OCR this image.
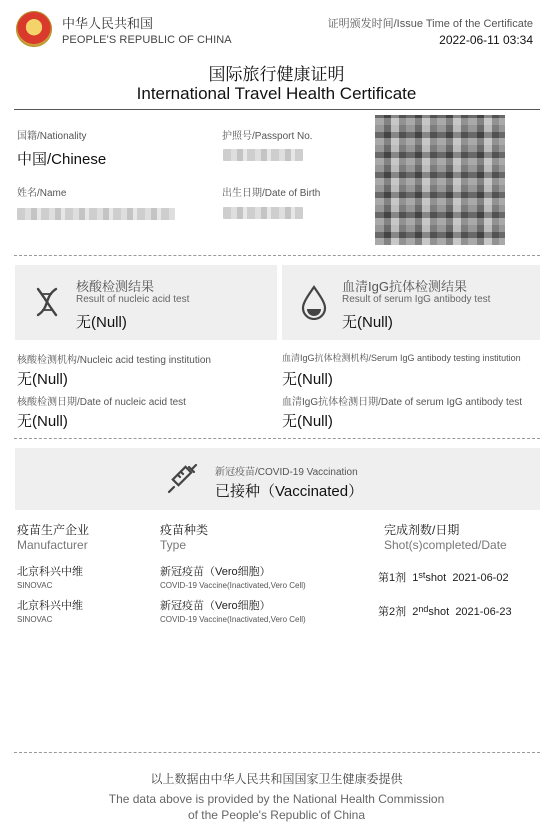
中华人民共和国
PEOPLE'S REPUBLIC OF CHINA
证明颁发时间/Issue Time of the Certificate
2022-06-11 03:34
国际旅行健康证明
International Travel Health Certificate
国籍/Nationality
中国/Chinese
护照号/Passport No.
姓名/Name	出生日期/Date of Birth
核酸检测结果
Result of nucleic acid test
无(Null)
血清IgG抗体检测结果
Result of serum IgG antibody test
无(Null)
核酸检测机构/Nucleic acid testing institution
无(Null)
核酸检测日期/Date of nucleic acid test
无(Null)
血清IgG抗体检测机构/Serum IgG antibody testing institution
无(Null)
血清IgG抗体检测日期/Date of serum IgG antibody test
无(Null)
新冠疫苗/COVID-19 Vaccination
已接种（Vaccinated）
疫苗生产企业
Manufacturer
疫苗种类
Type
完成剂数/日期
Shot(s)completed/Date
北京科兴中维
SINOVAC
新冠疫苗（Vero细胞）
COVID-19 Vaccine(Inactivated,Vero Cell)
第1剂 1stshot 2021-06-02
北京科兴中维
SINOVAC
新冠疫苗（Vero细胞）
COVID-19 Vaccine(Inactivated,Vero Cell)
第2剂 2ndshot 2021-06-23
以上数据由中华人民共和国国家卫生健康委提供
The data above is provided by the National Health Commission
of the People's Republic of China
